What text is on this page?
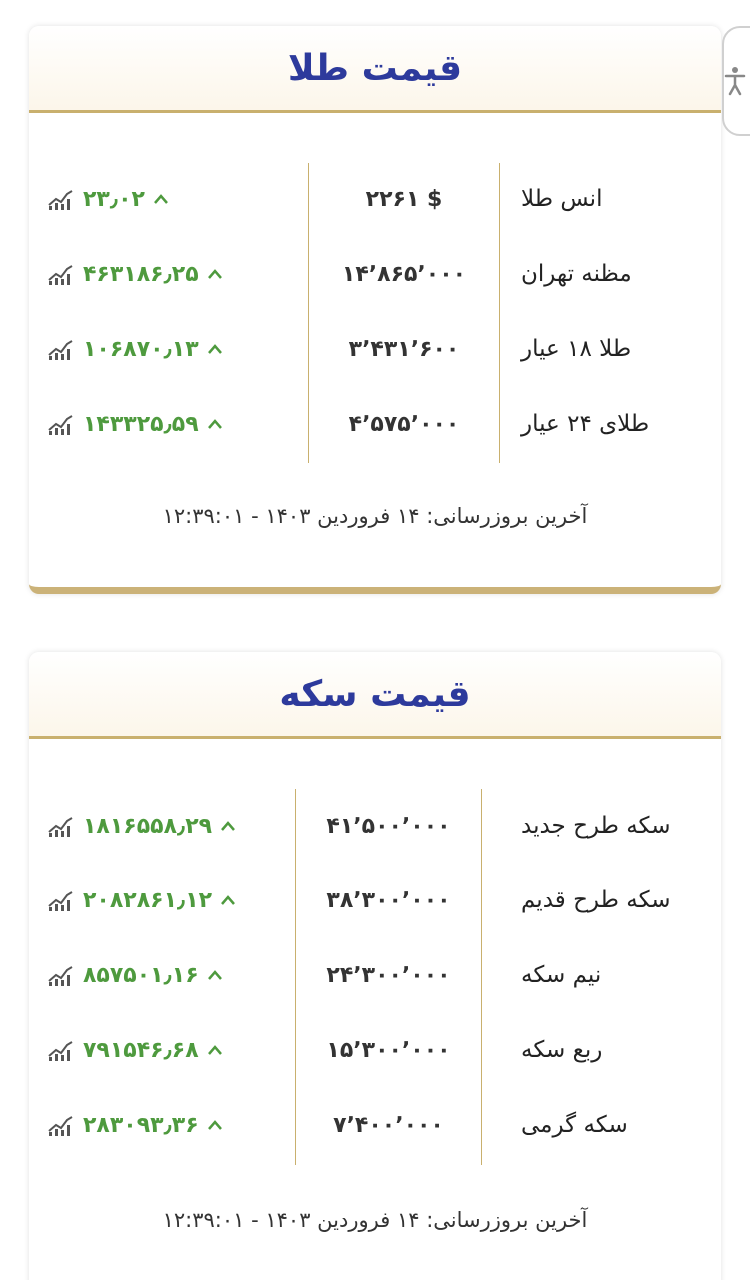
قیمت طلا
۲۳٫۰۲	۲۲۶۱ $	انس طلا
۴۶۳۱۸۶٫۲۵	۱۴٬۸۶۵٬۰۰۰	مظنه تهران
۱۰۶۸۷۰٫۱۳	۳٬۴۳۱٬۶۰۰	طلا ۱۸ عیار
۱۴۳۳۲۵٫۵۹	۴٬۵۷۵٬۰۰۰	طلای ۲۴ عیار
آخرین بروزرسانی: ۱۴ فروردین ۱۴۰۳ - ۱۲:۳۹:۰۱
قیمت سکه
۱۸۱۶۵۵۸٫۲۹	۴۱٬۵۰۰٬۰۰۰	سکه طرح جدید
۲۰۸۲۸۶۱٫۱۲	۳۸٬۳۰۰٬۰۰۰	سکه طرح قدیم
۸۵۷۵۰۱٫۱۶	۲۴٬۳۰۰٬۰۰۰	نیم سکه
۷۹۱۵۴۶٫۶۸	۱۵٬۳۰۰٬۰۰۰	ربع سکه
۲۸۳۰۹۳٫۳۶	۷٬۴۰۰٬۰۰۰	سکه گرمی
آخرین بروزرسانی: ۱۴ فروردین ۱۴۰۳ - ۱۲:۳۹:۰۱
